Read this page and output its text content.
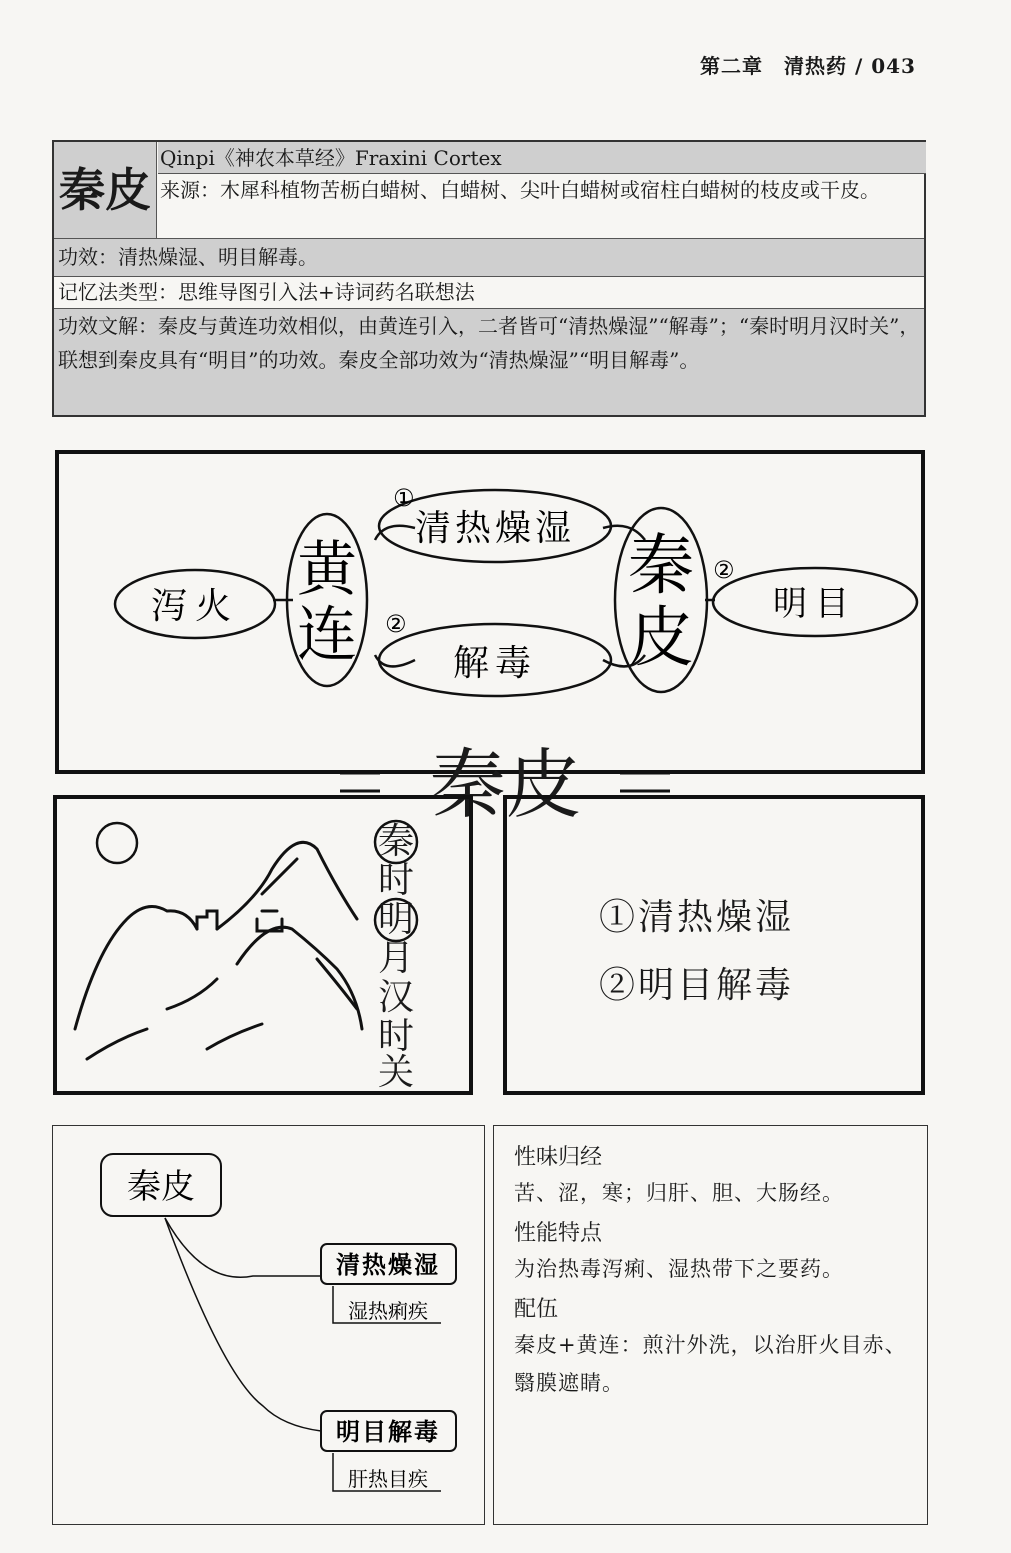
第二章　清热药 / 043
秦皮
Qinpi《神农本草经》Fraxini Cortex
来源：木犀科植物苦枥白蜡树、白蜡树、尖叶白蜡树或宿柱白蜡树的枝皮或干皮。
功效：清热燥湿、明目解毒。
记忆法类型：思维导图引入法+诗词药名联想法
功效文解：秦皮与黄连功效相似，由黄连引入，二者皆可“清热燥湿”“解毒”；“秦时明月汉时关”，联想到秦皮具有“明目”的功效。秦皮全部功效为“清热燥湿”“明目解毒”。
泻火
黄
连
清热燥湿
解毒
秦
皮 明目
①
②
②
秦皮
秦
时
明
月
汉
时
关
①清热燥湿
②明目解毒
秦皮
清热燥湿
湿热痢疾
明目解毒
肝热目疾
性味归经
苦、涩，寒；归肝、胆、大肠经。
性能特点
为治热毒泻痢、湿热带下之要药。
配伍
秦皮+黄连：煎汁外洗，以治肝火目赤、翳膜遮睛。
